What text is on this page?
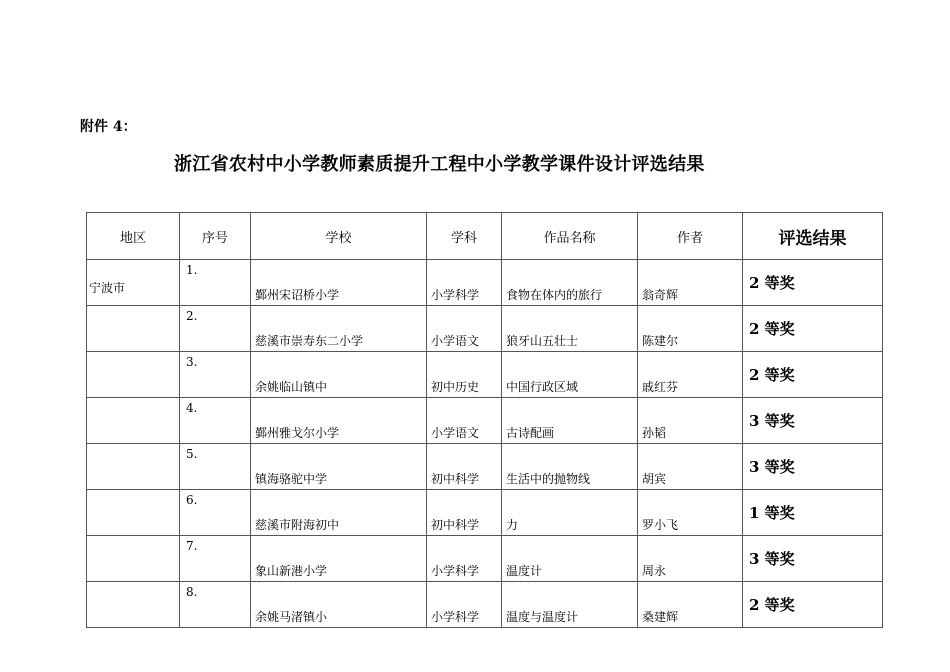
附件 4：
浙江省农村中小学教师素质提升工程中小学教学课件设计评选结果
地区	序号	学校	学科	作品名称	作者	评选结果
宁波市	1.	鄞州宋诏桥小学	小学科学	食物在体内的旅行	翁奇辉	2 等奖
	2.	慈溪市崇寿东二小学	小学语文	狼牙山五壮士	陈建尔	2 等奖
	3.	余姚临山镇中	初中历史	中国行政区域	戚红芬	2 等奖
	4.	鄞州雅戈尔小学	小学语文	古诗配画	孙韬	3 等奖
	5.	镇海骆驼中学	初中科学	生活中的抛物线	胡宾	3 等奖
	6.	慈溪市附海初中	初中科学	力	罗小飞	1 等奖
	7.	象山新港小学	小学科学	温度计	周永	3 等奖
	8.	余姚马渚镇小	小学科学	温度与温度计	桑建辉	2 等奖
